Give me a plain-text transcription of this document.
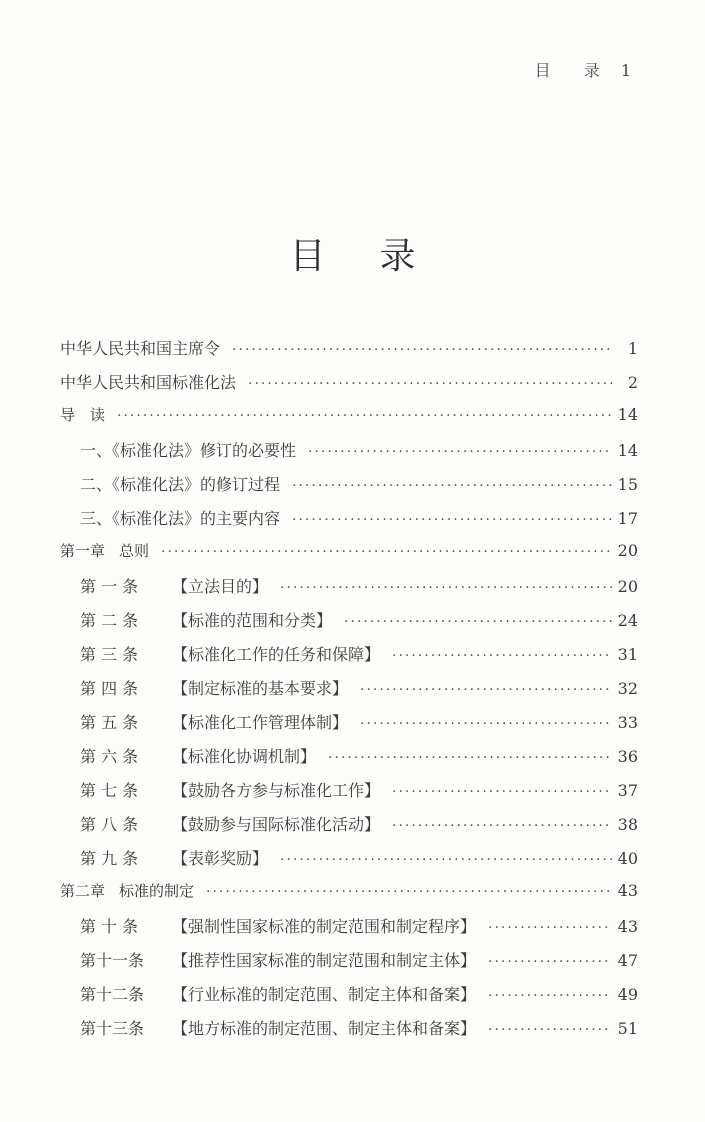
目 录 1
目录
中华人民共和国主席令 ·····	1
中华人民共和国标准化法 ·····	2
导　读 ·····	14
一、《标准化法》修订的必要性 ·····	14
二、《标准化法》的修订过程 ·····	15
三、《标准化法》的主要内容 ·····	17
第一章 总则 ·····	20
第 一 条 【立法目的】 ·····	20
第 二 条 【标准的范围和分类】 ·····	24
第 三 条 【标准化工作的任务和保障】 ·····	31
第 四 条 【制定标准的基本要求】 ·····	32
第 五 条 【标准化工作管理体制】 ·····	33
第 六 条 【标准化协调机制】 ·····	36
第 七 条 【鼓励各方参与标准化工作】 ·····	37
第 八 条 【鼓励参与国际标准化活动】 ·····	38
第 九 条 【表彰奖励】 ·····	40
第二章 标准的制定 ·····	43
第 十 条 【强制性国家标准的制定范围和制定程序】 ·····	43
第十一条 【推荐性国家标准的制定范围和制定主体】 ·····	47
第十二条 【行业标准的制定范围、制定主体和备案】 ·····	49
第十三条 【地方标准的制定范围、制定主体和备案】 ·····	51
